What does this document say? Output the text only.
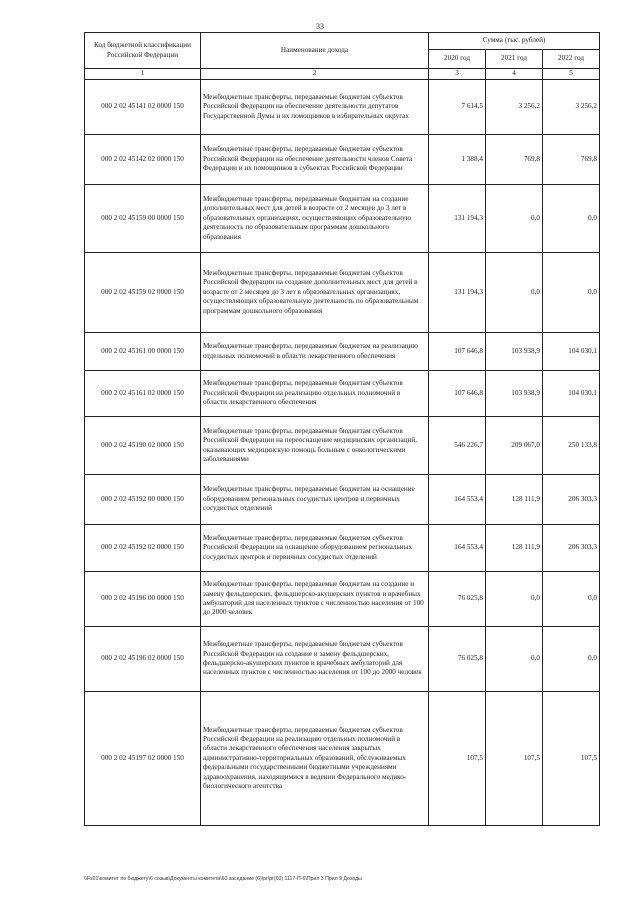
33
Код бюджетной классификации Российской Федерации	Наименование дохода	Сумма (тыс. рублей)		
		2020 год	2021 год	2022 год
1	2	3	4	5
000 2 02 45141 02 0000 150	Межбюджетные трансферты, передаваемые бюджетам субъектов Российской Федерации на обеспечение деятельности депутатов Государственной Думы и их помощников в избирательных округах	7 614,5	3 256,2	3 256,2
000 2 02 45142 02 0000 150	Межбюджетные трансферты, передаваемые бюджетам субъектов Российской Федерации на обеспечение деятельности членов Совета Федерации и их помощников в субъектах Российской Федерации	1 388,4	769,8	769,8
000 2 02 45159 00 0000 150	Межбюджетные трансферты, передаваемые бюджетам на создание дополнительных мест для детей в возрасте от 2 месяцев до 3 лет в образовательных организациях, осуществляющих образовательную деятельность по образовательным программам дошкольного образования	131 194,3	0,0	0,0
000 2 02 45159 02 0000 150	Межбюджетные трансферты, передаваемые бюджетам субъектов Российской Федерации на создание дополнительных мест для детей в возрасте от 2 месяцев до 3 лет в образовательных организациях, осуществляющих образовательную деятельность по образовательным программам дошкольного образования	131 194,3	0,0	0,0
000 2 02 45161 00 0000 150	Межбюджетные трансферты, передаваемые бюджетам на реализацию отдельных полномочий в области лекарственного обеспечения	107 646,8	103 938,9	104 030,1
000 2 02 45161 02 0000 150	Межбюджетные трансферты, передаваемые бюджетам субъектов Российской Федерации на реализацию отдельных полномочий в области лекарственного обеспечения	107 646,8	103 938,9	104 030,1
000 2 02 45190 02 0000 150	Межбюджетные трансферты, передаваемые бюджетам субъектов Российской Федерации на переоснащение медицинских организаций, оказывающих медицинскую помощь больным с онкологическими заболеваниями	546 226,7	209 067,0	250 133,8
000 2 02 45192 00 0000 150	Межбюджетные трансферты, передаваемые бюджетам на оснащение оборудованием региональных сосудистых центров и первичных сосудистых отделений	164 553,4	128 111,9	206 303,3
000 2 02 45192 02 0000 150	Межбюджетные трансферты, передаваемые бюджетам субъектов Российской Федерации на оснащение оборудованием региональных сосудистых центров и первичных сосудистых отделений	164 553,4	128 111,9	206 303,3
000 2 02 45196 00 0000 150	Межбюджетные трансферты, передаваемые бюджетам на создание и замену фельдшерских, фельдшерско-акушерских пунктов и врачебных амбулаторий для населенных пунктов с численностью населения от 100 до 2000 человек	76 025,8	0,0	0,0
000 2 02 45196 02 0000 150	Межбюджетные трансферты, передаваемые бюджетам субъектов Российской Федерации на создание и замену фельдшерских, фельдшерско-акушерских пунктов и врачебных амбулаторий для населенных пунктов с численностью населения от 100 до 2000 человек	76 025,8	0,0	0,0
000 2 02 45197 02 0000 150	Межбюджетные трансферты, передаваемые бюджетам субъектов Российской Федерации на реализацию отдельных полномочий в области лекарственного обеспечения населения закрытых административно-территориальных образований, обслуживаемых федеральными государственными бюджетными учреждениями здравоохранения, находящимися в ведении Федерального медико-биологического агентства	107,5	107,5	107,5
\\Fs01\комитет по бюджету\6 созыв\Документы комитета\60 заседание (6)\pr\pr(60) 1117-П-6\Прил 3 Прил 9 Доходы
